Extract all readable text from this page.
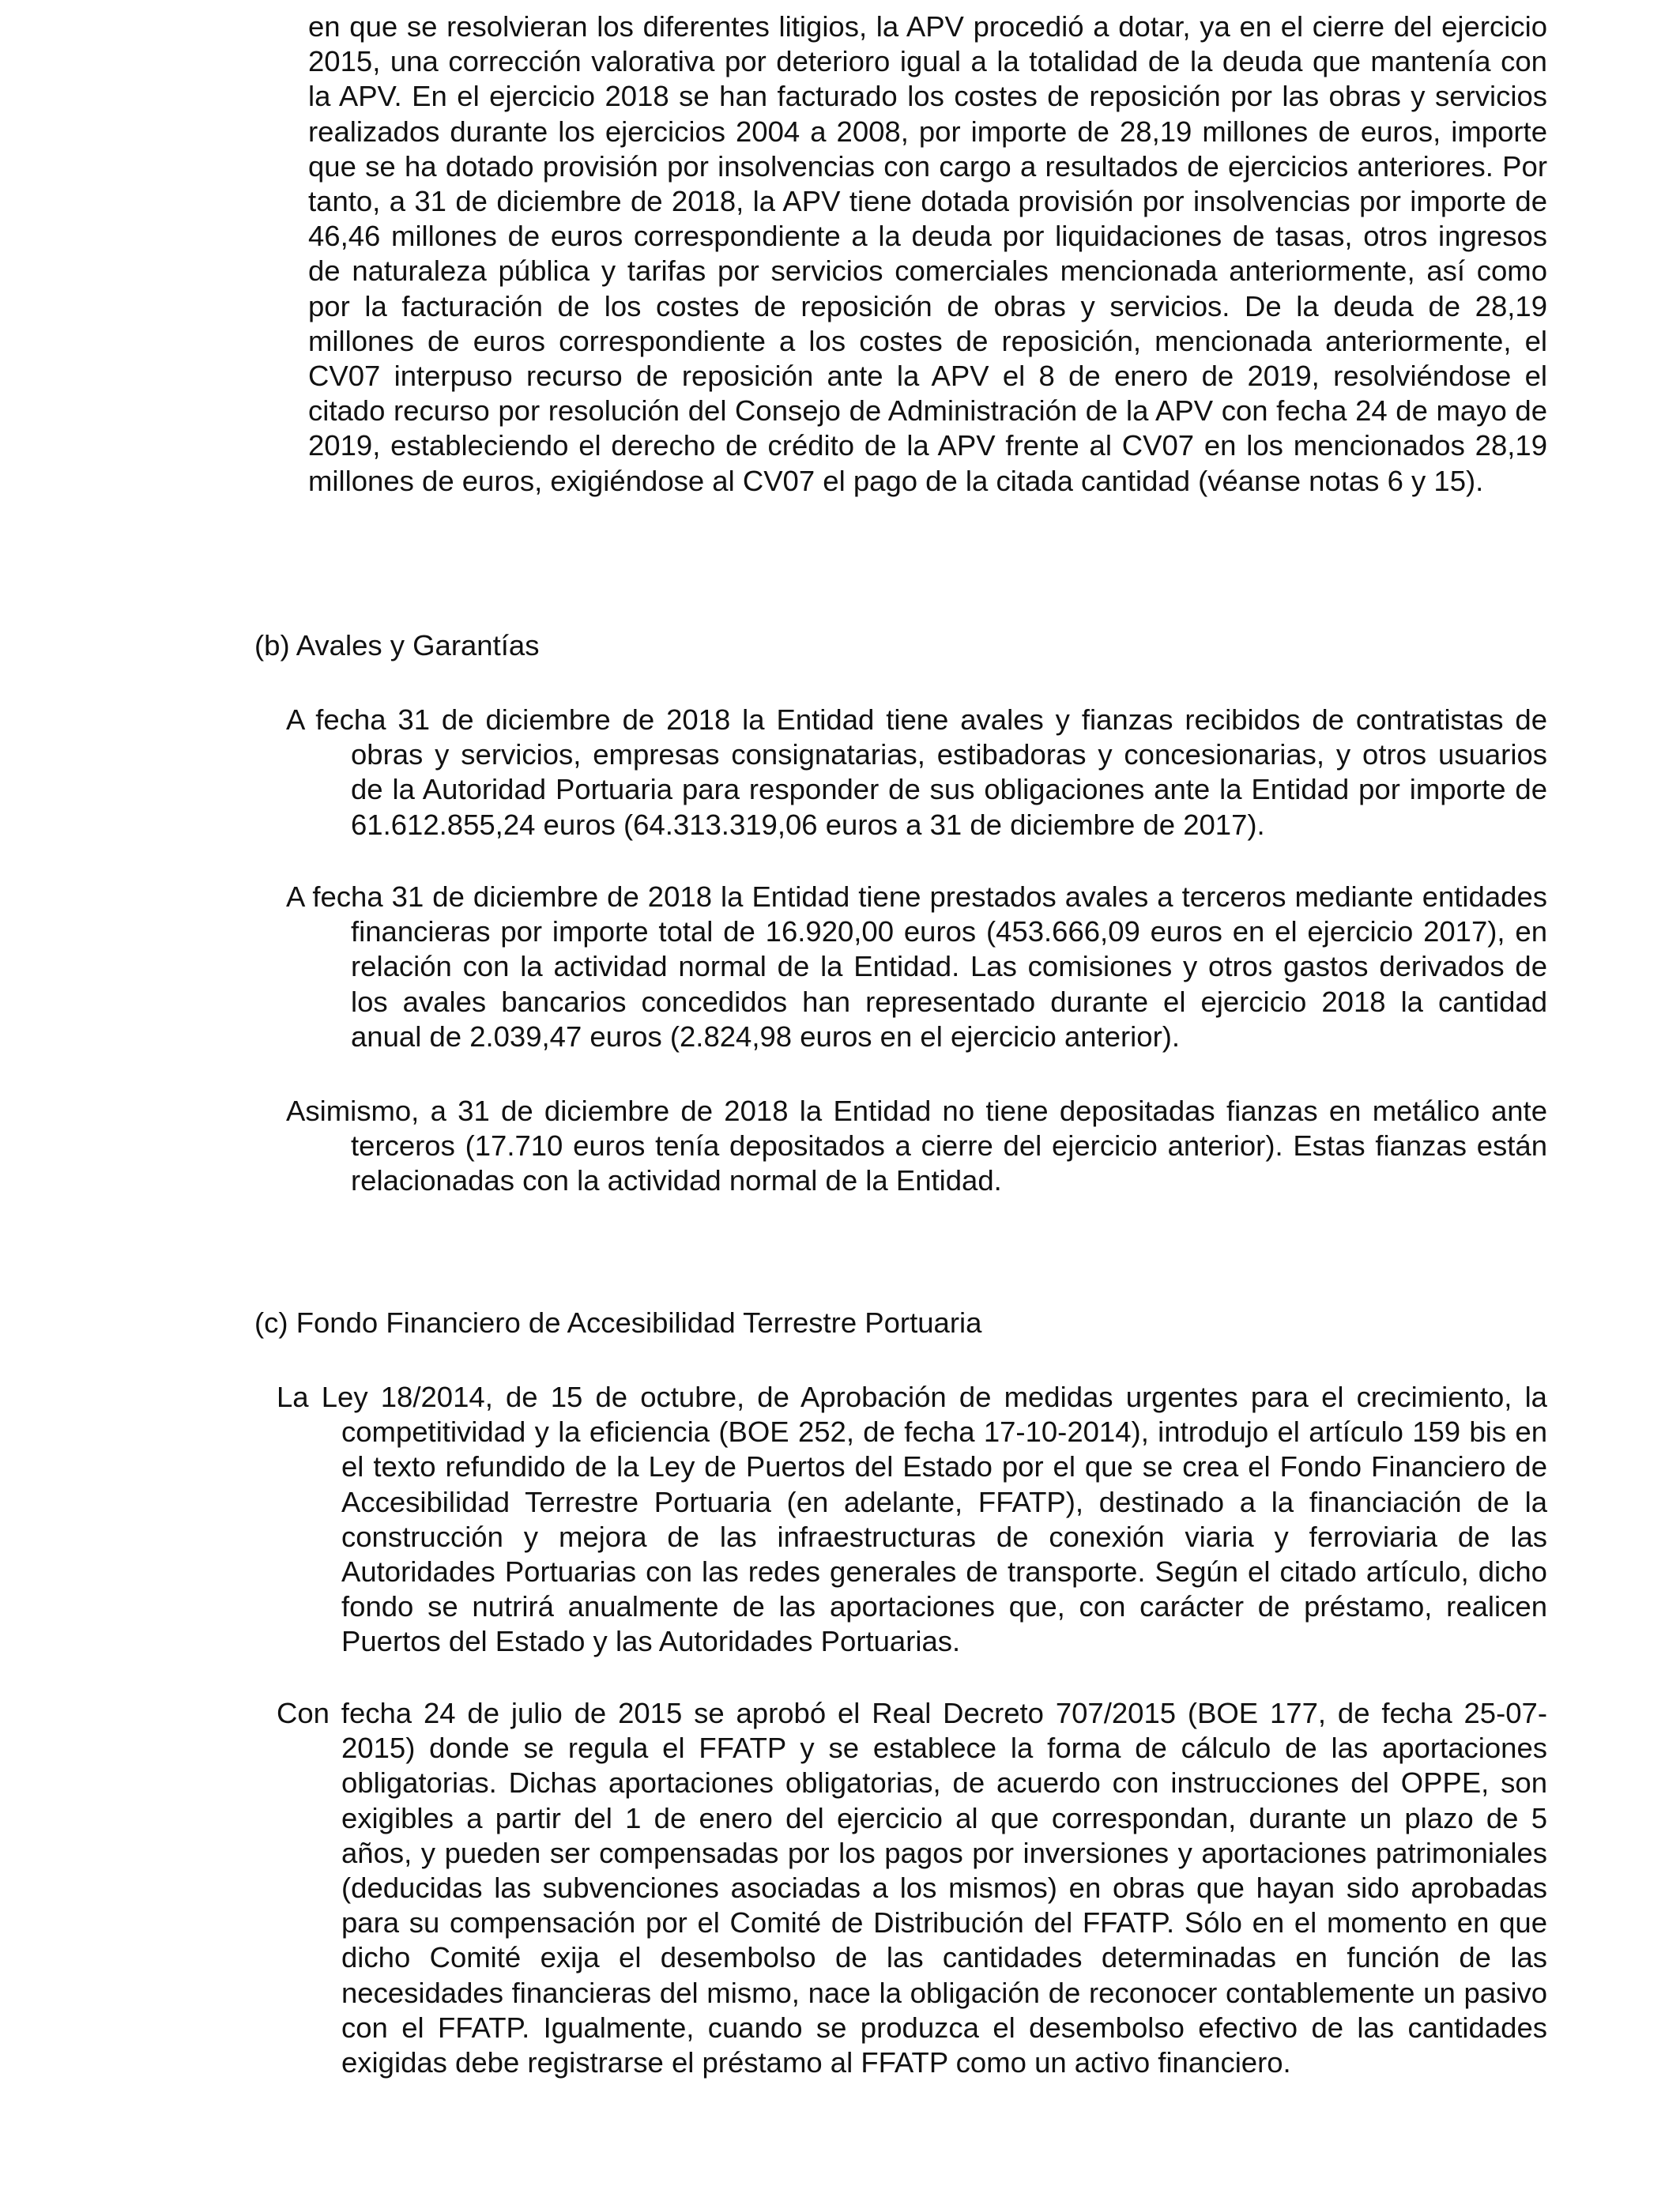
en que se resolvieran los diferentes litigios, la APV procedió a dotar, ya en el cierre del ejercicio 2015, una corrección valorativa por deterioro igual a la totalidad de la deuda que mantenía con la APV. En el ejercicio 2018 se han facturado los costes de reposición por las obras y servicios realizados durante los ejercicios 2004 a 2008, por importe de 28,19 millones de euros, importe que se ha dotado provisión por insolvencias con cargo a resultados de ejercicios anteriores. Por tanto, a 31 de diciembre de 2018, la APV tiene dotada provisión por insolvencias por importe de 46,46 millones de euros correspondiente a la deuda por liquidaciones de tasas, otros ingresos de naturaleza pública y tarifas por servicios comerciales mencionada anteriormente, así como por la facturación de los costes de reposición de obras y servicios. De la deuda de 28,19 millones de euros correspondiente a los costes de reposición, mencionada anteriormente, el CV07 interpuso recurso de reposición ante la APV el 8 de enero de 2019, resolviéndose el citado recurso por resolución del Consejo de Administración de la APV con fecha 24 de mayo de 2019, estableciendo el derecho de crédito de la APV frente al CV07 en los mencionados 28,19 millones de euros, exigiéndose al CV07 el pago de la citada cantidad (véanse notas 6 y 15).

(b) Avales y Garantías

A fecha 31 de diciembre de 2018 la Entidad tiene avales y fianzas recibidos de contratistas de obras y servicios, empresas consignatarias, estibadoras y concesionarias, y otros usuarios de la Autoridad Portuaria para responder de sus obligaciones ante la Entidad por importe de 61.612.855,24 euros (64.313.319,06 euros a 31 de diciembre de 2017).

A fecha 31 de diciembre de 2018 la Entidad tiene prestados avales a terceros mediante entidades financieras por importe total de 16.920,00 euros (453.666,09 euros en el ejercicio 2017), en relación con la actividad normal de la Entidad. Las comisiones y otros gastos derivados de los avales bancarios concedidos han representado durante el ejercicio 2018 la cantidad anual de 2.039,47 euros (2.824,98 euros en el ejercicio anterior).

Asimismo, a 31 de diciembre de 2018 la Entidad no tiene depositadas fianzas en metálico ante terceros (17.710 euros tenía depositados a cierre del ejercicio anterior). Estas fianzas están relacionadas con la actividad normal de la Entidad.

(c) Fondo Financiero de Accesibilidad Terrestre Portuaria

La Ley 18/2014, de 15 de octubre, de Aprobación de medidas urgentes para el crecimiento, la competitividad y la eficiencia (BOE 252, de fecha 17-10-2014), introdujo el artículo 159 bis en el texto refundido de la Ley de Puertos del Estado por el que se crea el Fondo Financiero de Accesibilidad Terrestre Portuaria (en adelante, FFATP), destinado a la financiación de la construcción y mejora de las infraestructuras de conexión viaria y ferroviaria de las Autoridades Portuarias con las redes generales de transporte. Según el citado artículo, dicho fondo se nutrirá anualmente de las aportaciones que, con carácter de préstamo, realicen Puertos del Estado y las Autoridades Portuarias.

Con fecha 24 de julio de 2015 se aprobó el Real Decreto 707/2015 (BOE 177, de fecha 25-07-2015) donde se regula el FFATP y se establece la forma de cálculo de las aportaciones obligatorias. Dichas aportaciones obligatorias, de acuerdo con instrucciones del OPPE, son exigibles a partir del 1 de enero del ejercicio al que correspondan, durante un plazo de 5 años, y pueden ser compensadas por los pagos por inversiones y aportaciones patrimoniales (deducidas las subvenciones asociadas a los mismos) en obras que hayan sido aprobadas para su compensación por el Comité de Distribución del FFATP. Sólo en el momento en que dicho Comité exija el desembolso de las cantidades determinadas en función de las necesidades financieras del mismo, nace la obligación de reconocer contablemente un pasivo con el FFATP. Igualmente, cuando se produzca el desembolso efectivo de las cantidades exigidas debe registrarse el préstamo al FFATP como un activo financiero.
